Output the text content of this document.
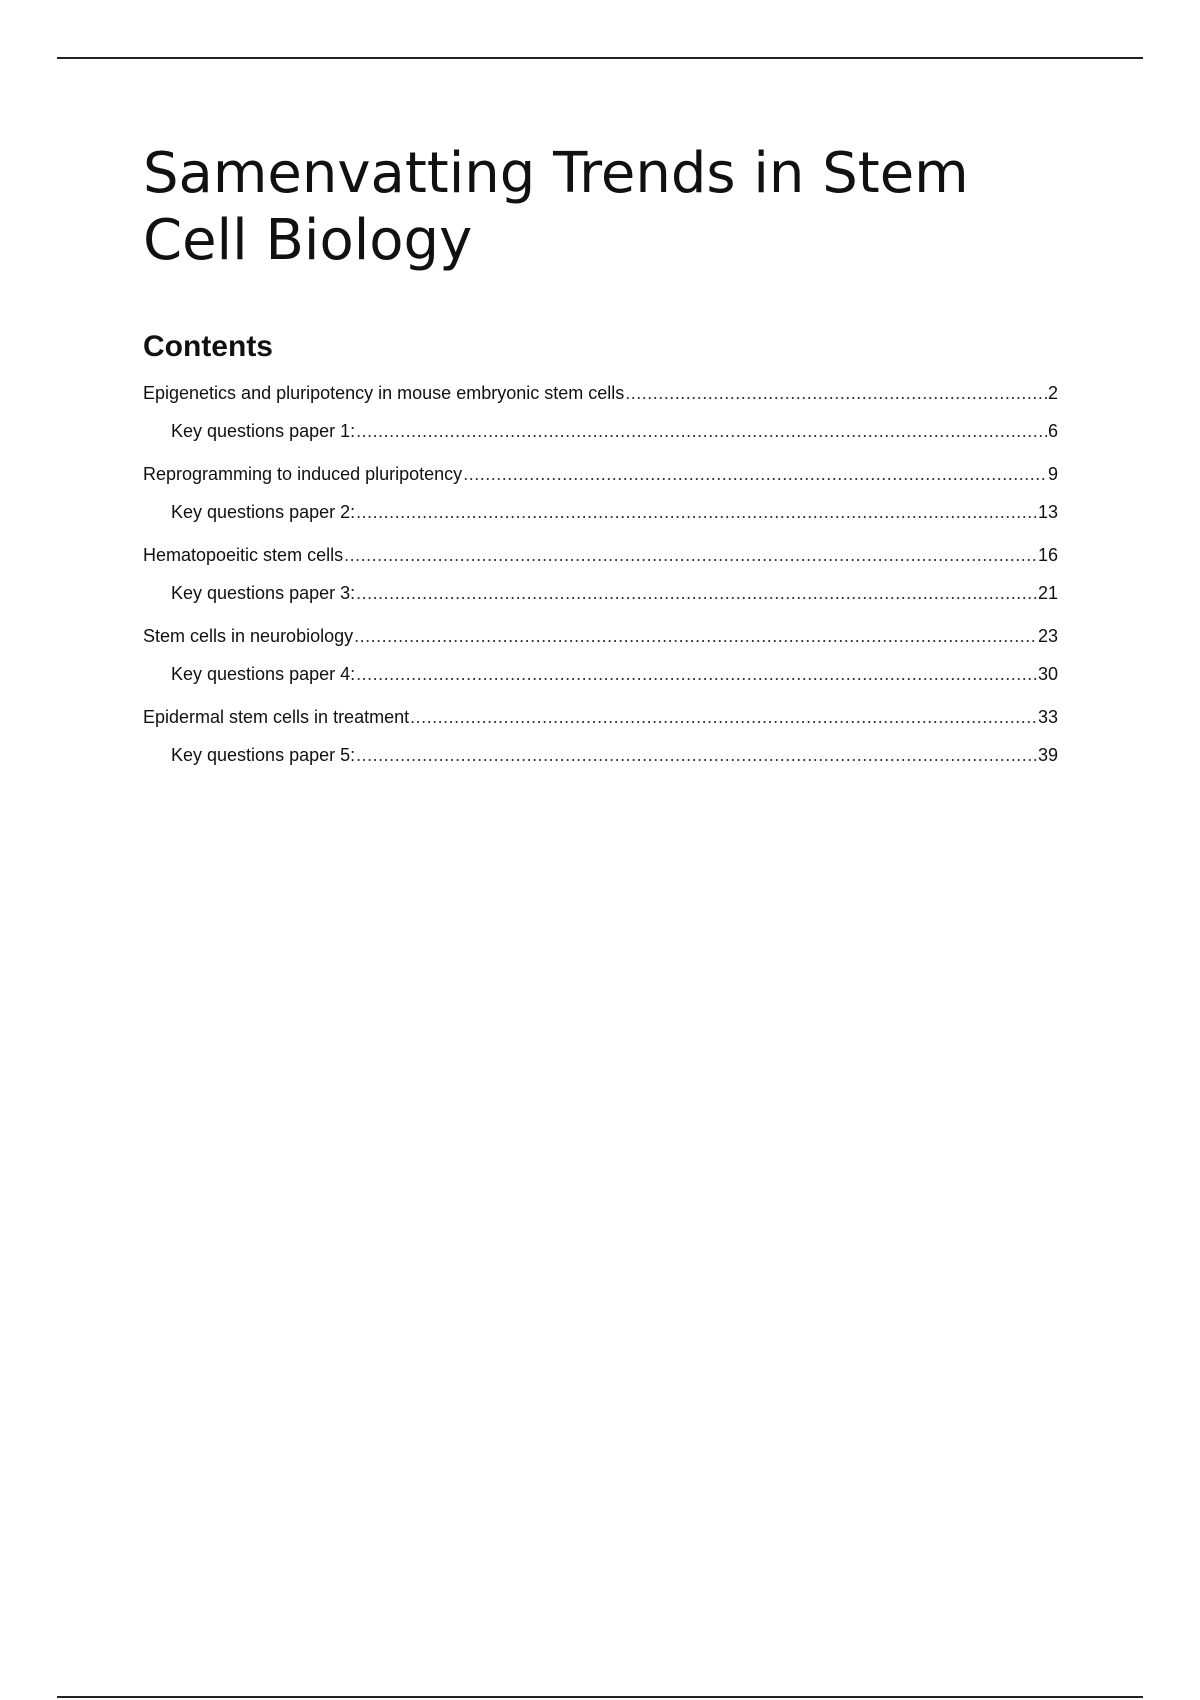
Samenvatting Trends in Stem Cell Biology
Contents
Epigenetics and pluripotency in mouse embryonic stem cells .....	2
Key questions paper 1: .....	6
Reprogramming to induced pluripotency .....	9
Key questions paper 2: .....	13
Hematopoeitic stem cells .....	16
Key questions paper 3: .....	21
Stem cells in neurobiology .....	23
Key questions paper 4: .....	30
Epidermal stem cells in treatment .....	33
Key questions paper 5: .....	39
